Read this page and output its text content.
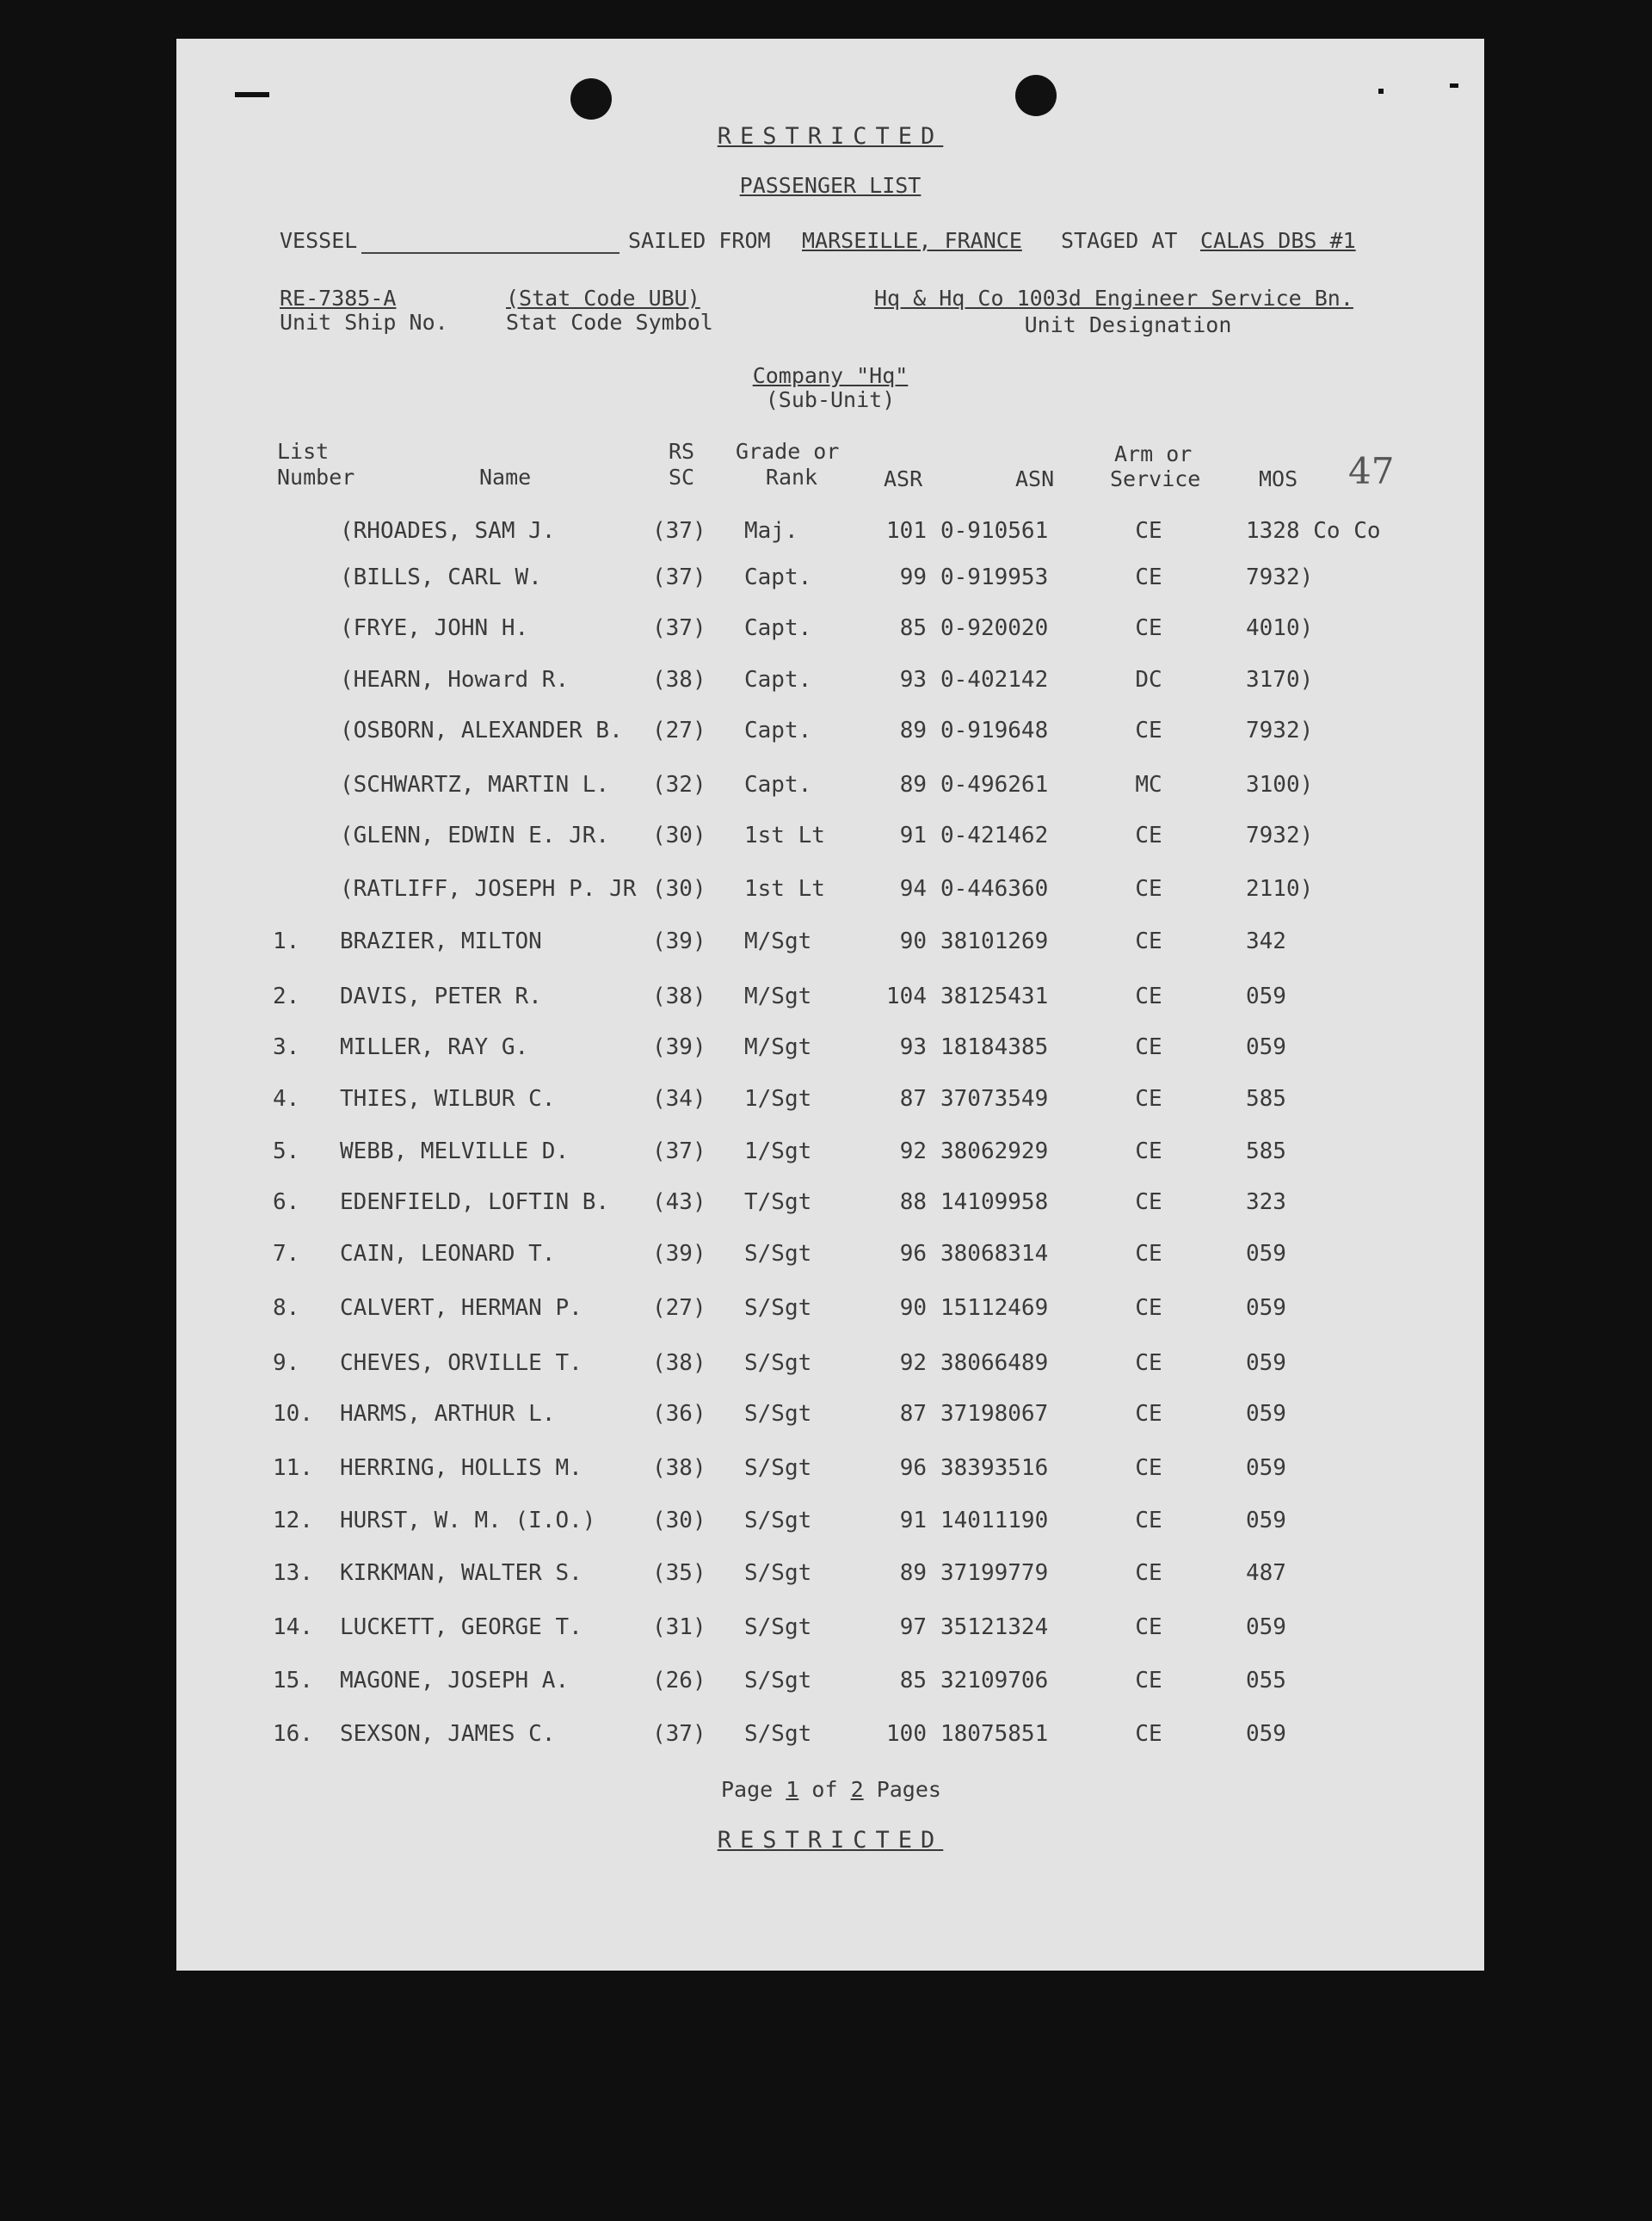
RESTRICTED
PASSENGER LIST
VESSEL	SAILED FROM MARSEILLE, FRANCE STAGED AT CALAS DBS #1
RE-7385-A
Unit Ship No.
(Stat Code UBU)
Stat Code Symbol
Hq & Hq Co 1003d Engineer Service Bn.
Unit Designation
Company "Hq"
(Sub-Unit)
List
Number	Name
RS
SC
Grade or
Rank	ASR	ASN
Arm or
Service	MOS 47
(RHOADES, SAM J.	(37)	Maj.	101 0-910561	CE	1328 Co Co
(BILLS, CARL W.	(37)	Capt.	99 0-919953	CE	7932)
(FRYE, JOHN H.	(37)	Capt.	85 0-920020	CE	4010)
(HEARN, Howard R.	(38)	Capt.	93 0-402142	DC	3170)
(OSBORN, ALEXANDER B.	(27)	Capt.	89 0-919648	CE	7932)
(SCHWARTZ, MARTIN L.	(32)	Capt.	89 0-496261	MC	3100)
(GLENN, EDWIN E. JR.	(30)	1st Lt	91 0-421462	CE	7932)
(RATLIFF, JOSEPH P. JR (30)	1st Lt	94 0-446360	CE	2110)
1.	BRAZIER, MILTON	(39)	M/Sgt	90 38101269	CE	342
2.	DAVIS, PETER R.	(38)	M/Sgt	104 38125431	CE	059
3.	MILLER, RAY G.	(39)	M/Sgt	93 18184385	CE	059
4.	THIES, WILBUR C.	(34)	1/Sgt	87 37073549	CE	585
5.	WEBB, MELVILLE D.	(37)	1/Sgt	92 38062929	CE	585
6.	EDENFIELD, LOFTIN B.	(43)	T/Sgt	88 14109958	CE	323
7.	CAIN, LEONARD T.	(39)	S/Sgt	96 38068314	CE	059
8.	CALVERT, HERMAN P.	(27)	S/Sgt	90 15112469	CE	059
9.	CHEVES, ORVILLE T.	(38)	S/Sgt	92 38066489	CE	059
10.	HARMS, ARTHUR L.	(36)	S/Sgt	87 37198067	CE	059
11.	HERRING, HOLLIS M.	(38)	S/Sgt	96 38393516	CE	059
12.	HURST, W. M. (I.O.)	(30)	S/Sgt	91 14011190	CE	059
13.	KIRKMAN, WALTER S.	(35)	S/Sgt	89 37199779	CE	487
14.	LUCKETT, GEORGE T.	(31)	S/Sgt	97 35121324	CE	059
15.	MAGONE, JOSEPH A.	(26)	S/Sgt	85 32109706	CE	055
16.	SEXSON, JAMES C.	(37)	S/Sgt	100 18075851	CE	059
Page 1 of 2 Pages
RESTRICTED
